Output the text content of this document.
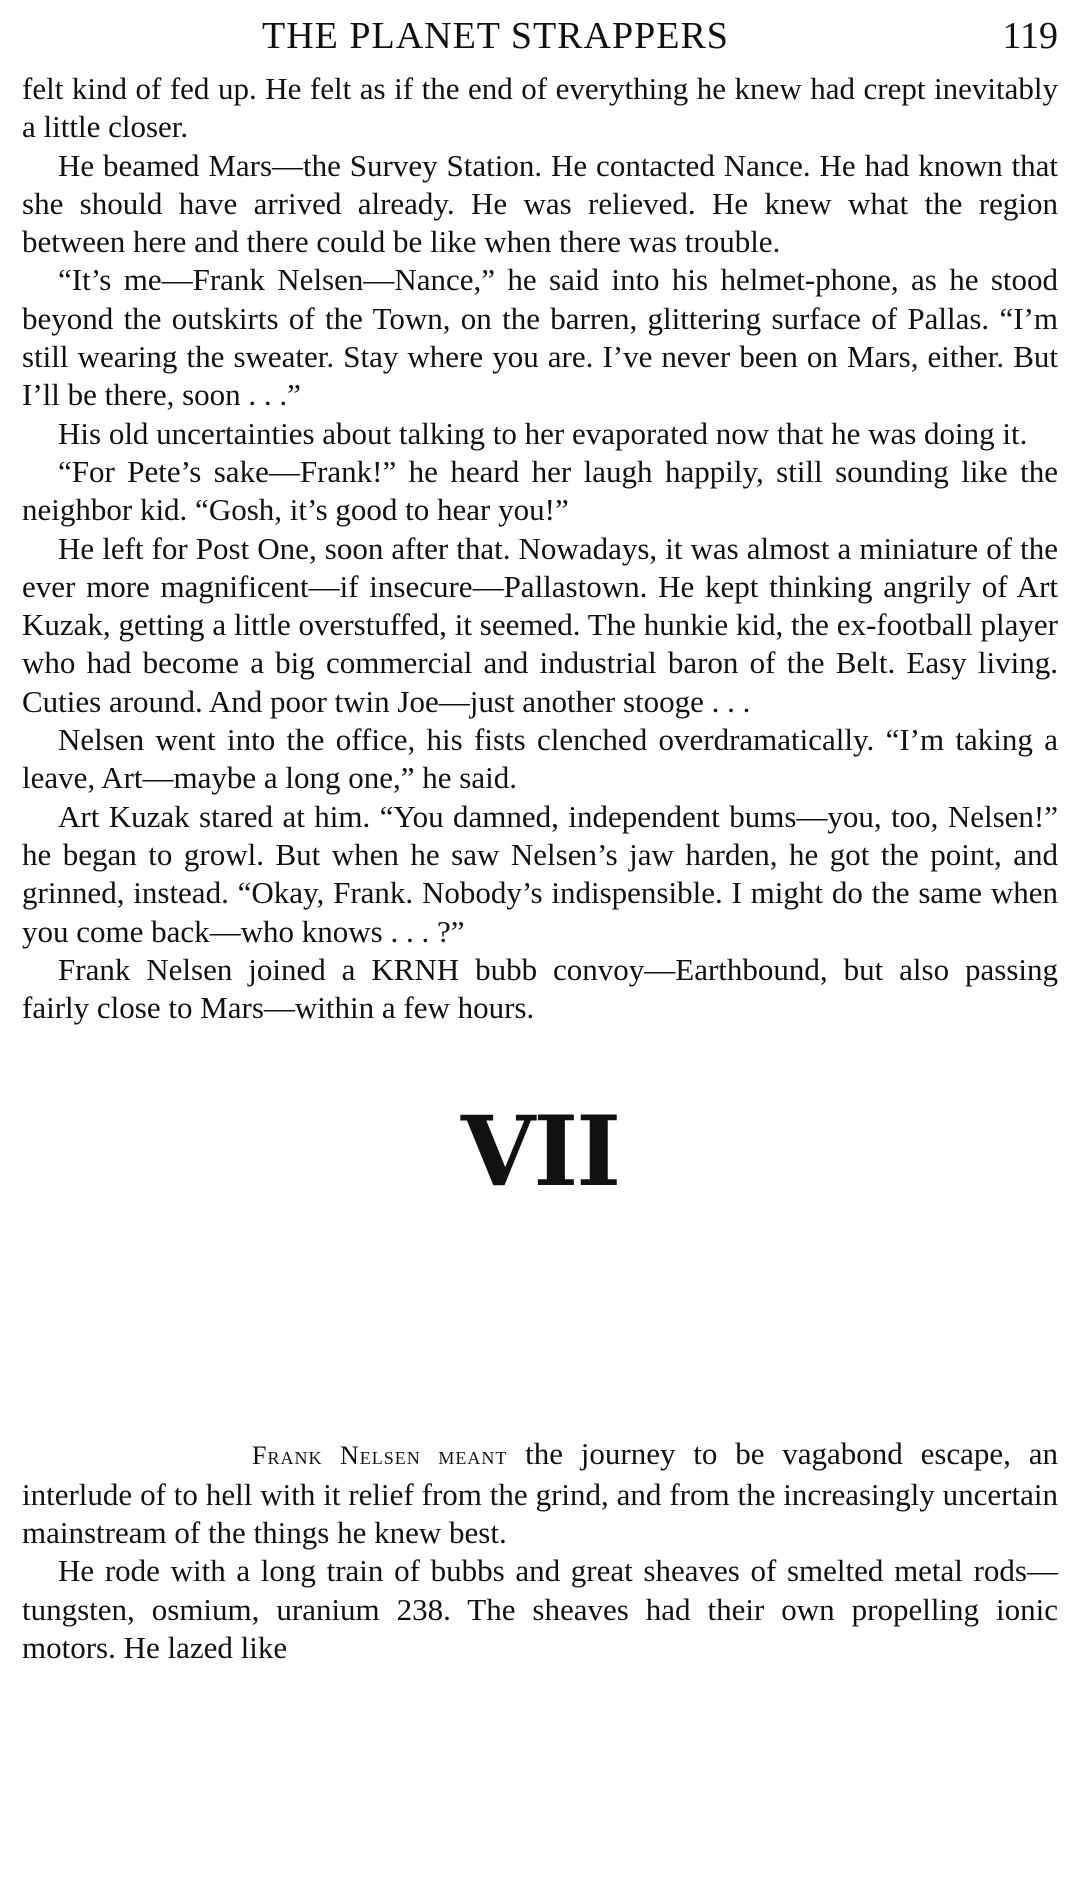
THE PLANET STRAPPERS	119

felt kind of fed up. He felt as if the end of everything he knew had crept inevitably a little closer.

He beamed Mars—the Survey Station. He contacted Nance. He had known that she should have arrived already. He was relieved. He knew what the region between here and there could be like when there was trouble.

“It’s me—Frank Nelsen—Nance,” he said into his helmet-phone, as he stood beyond the outskirts of the Town, on the barren, glittering surface of Pallas. “I’m still wearing the sweater. Stay where you are. I’ve never been on Mars, either. But I’ll be there, soon . . .”

His old uncertainties about talking to her evaporated now that he was doing it.

“For Pete’s sake—Frank!” he heard her laugh happily, still sounding like the neighbor kid. “Gosh, it’s good to hear you!”

He left for Post One, soon after that. Nowadays, it was almost a miniature of the ever more magnificent—if insecure—Pallastown. He kept thinking angrily of Art Kuzak, getting a little overstuffed, it seemed. The hunkie kid, the ex-football player who had become a big commercial and industrial baron of the Belt. Easy living. Cuties around. And poor twin Joe—just another stooge . . .

Nelsen went into the office, his fists clenched overdramatically. “I’m taking a leave, Art—maybe a long one,” he said.

Art Kuzak stared at him. “You damned, independent bums—you, too, Nelsen!” he began to growl. But when he saw Nelsen’s jaw harden, he got the point, and grinned, instead. “Okay, Frank. Nobody’s indispensible. I might do the same when you come back—who knows . . . ?”

Frank Nelsen joined a KRNH bubb convoy—Earthbound, but also passing fairly close to Mars—within a few hours.

VII

Frank Nelsen meant the journey to be vagabond escape, an interlude of to hell with it relief from the grind, and from the increasingly uncertain mainstream of the things he knew best.

He rode with a long train of bubbs and great sheaves of smelted metal rods—tungsten, osmium, uranium 238. The sheaves had their own propelling ionic motors. He lazed like
